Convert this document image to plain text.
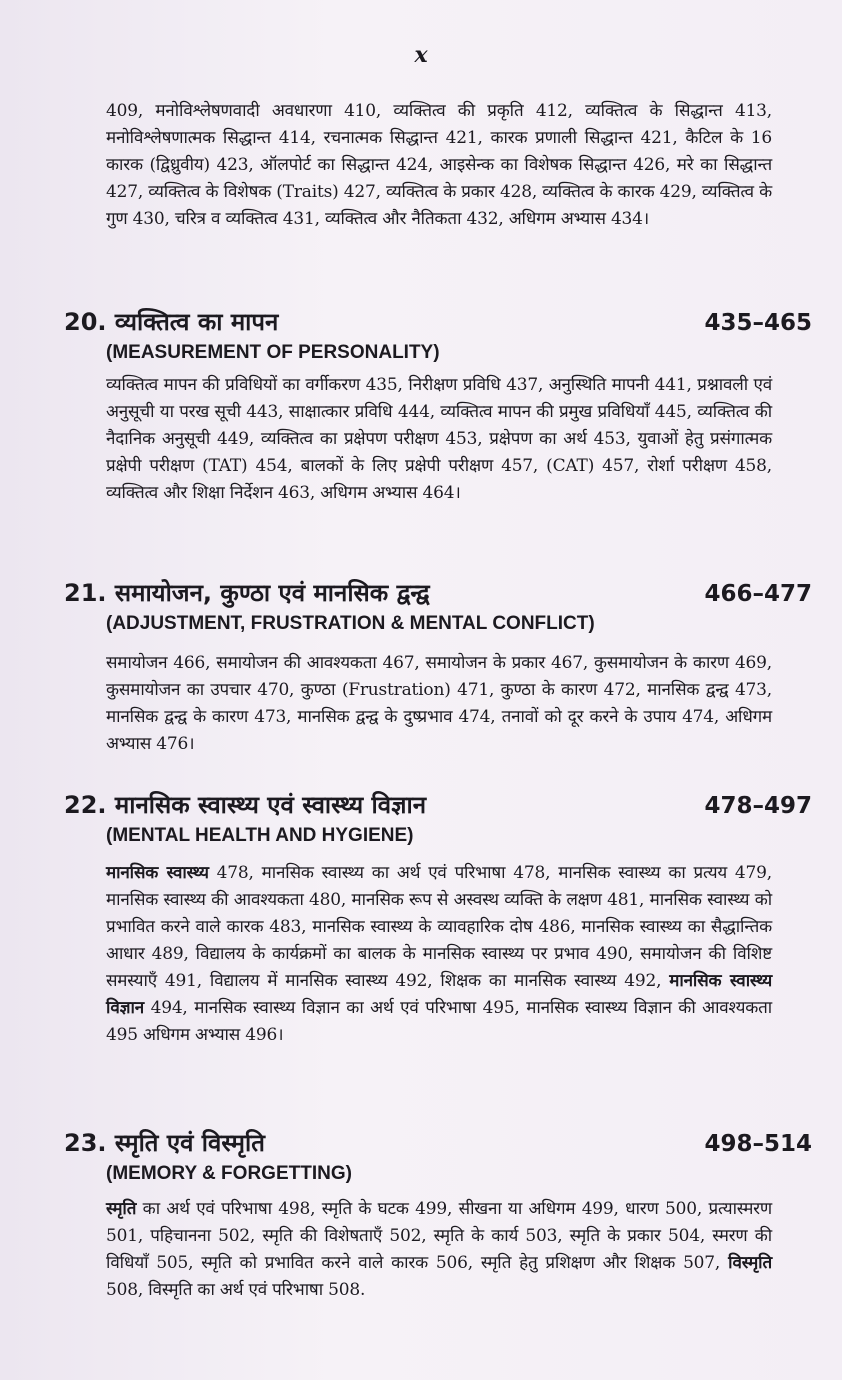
x
409, मनोविश्लेषणवादी अवधारणा 410, व्यक्तित्व की प्रकृति 412, व्यक्तित्व के सिद्धान्त 413, मनोविश्लेषणात्मक सिद्धान्त 414, रचनात्मक सिद्धान्त 421, कारक प्रणाली सिद्धान्त 421, कैटिल के 16 कारक (द्विध्रुवीय) 423, ऑलपोर्ट का सिद्धान्त 424, आइसेन्क का विशेषक सिद्धान्त 426, मरे का सिद्धान्त 427, व्यक्तित्व के विशेषक (Traits) 427, व्यक्तित्व के प्रकार 428, व्यक्तित्व के कारक 429, व्यक्तित्व के गुण 430, चरित्र व व्यक्तित्व 431, व्यक्तित्व और नैतिकता 432, अधिगम अभ्यास 434।
20. व्यक्तित्व का मापन	435–465
(MEASUREMENT OF PERSONALITY)
व्यक्तित्व मापन की प्रविधियों का वर्गीकरण 435, निरीक्षण प्रविधि 437, अनुस्थिति मापनी 441, प्रश्नावली एवं अनुसूची या परख सूची 443, साक्षात्कार प्रविधि 444, व्यक्तित्व मापन की प्रमुख प्रविधियाँ 445, व्यक्तित्व की नैदानिक अनुसूची 449, व्यक्तित्व का प्रक्षेपण परीक्षण 453, प्रक्षेपण का अर्थ 453, युवाओं हेतु प्रसंगात्मक प्रक्षेपी परीक्षण (TAT) 454, बालकों के लिए प्रक्षेपी परीक्षण 457, (CAT) 457, रोर्शा परीक्षण 458, व्यक्तित्व और शिक्षा निर्देशन 463, अधिगम अभ्यास 464।
21. समायोजन, कुण्ठा एवं मानसिक द्वन्द्व	466–477
(ADJUSTMENT, FRUSTRATION & MENTAL CONFLICT)
समायोजन 466, समायोजन की आवश्यकता 467, समायोजन के प्रकार 467, कुसमायोजन के कारण 469, कुसमायोजन का उपचार 470, कुण्ठा (Frustration) 471, कुण्ठा के कारण 472, मानसिक द्वन्द्व 473, मानसिक द्वन्द्व के कारण 473, मानसिक द्वन्द्व के दुष्प्रभाव 474, तनावों को दूर करने के उपाय 474, अधिगम अभ्यास 476।
22. मानसिक स्वास्थ्य एवं स्वास्थ्य विज्ञान	478–497
(MENTAL HEALTH AND HYGIENE)
मानसिक स्वास्थ्य 478, मानसिक स्वास्थ्य का अर्थ एवं परिभाषा 478, मानसिक स्वास्थ्य का प्रत्यय 479, मानसिक स्वास्थ्य की आवश्यकता 480, मानसिक रूप से अस्वस्थ व्यक्ति के लक्षण 481, मानसिक स्वास्थ्य को प्रभावित करने वाले कारक 483, मानसिक स्वास्थ्य के व्यावहारिक दोष 486, मानसिक स्वास्थ्य का सैद्धान्तिक आधार 489, विद्यालय के कार्यक्रमों का बालक के मानसिक स्वास्थ्य पर प्रभाव 490, समायोजन की विशिष्ट समस्याएँ 491, विद्यालय में मानसिक स्वास्थ्य 492, शिक्षक का मानसिक स्वास्थ्य 492, मानसिक स्वास्थ्य विज्ञान 494, मानसिक स्वास्थ्य विज्ञान का अर्थ एवं परिभाषा 495, मानसिक स्वास्थ्य विज्ञान की आवश्यकता 495 अधिगम अभ्यास 496।
23. स्मृति एवं विस्मृति	498–514
(MEMORY & FORGETTING)
स्मृति का अर्थ एवं परिभाषा 498, स्मृति के घटक 499, सीखना या अधिगम 499, धारण 500, प्रत्यास्मरण 501, पहिचानना 502, स्मृति की विशेषताएँ 502, स्मृति के कार्य 503, स्मृति के प्रकार 504, स्मरण की विधियाँ 505, स्मृति को प्रभावित करने वाले कारक 506, स्मृति हेतु प्रशिक्षण और शिक्षक 507, विस्मृति 508, विस्मृति का अर्थ एवं परिभाषा 508.
